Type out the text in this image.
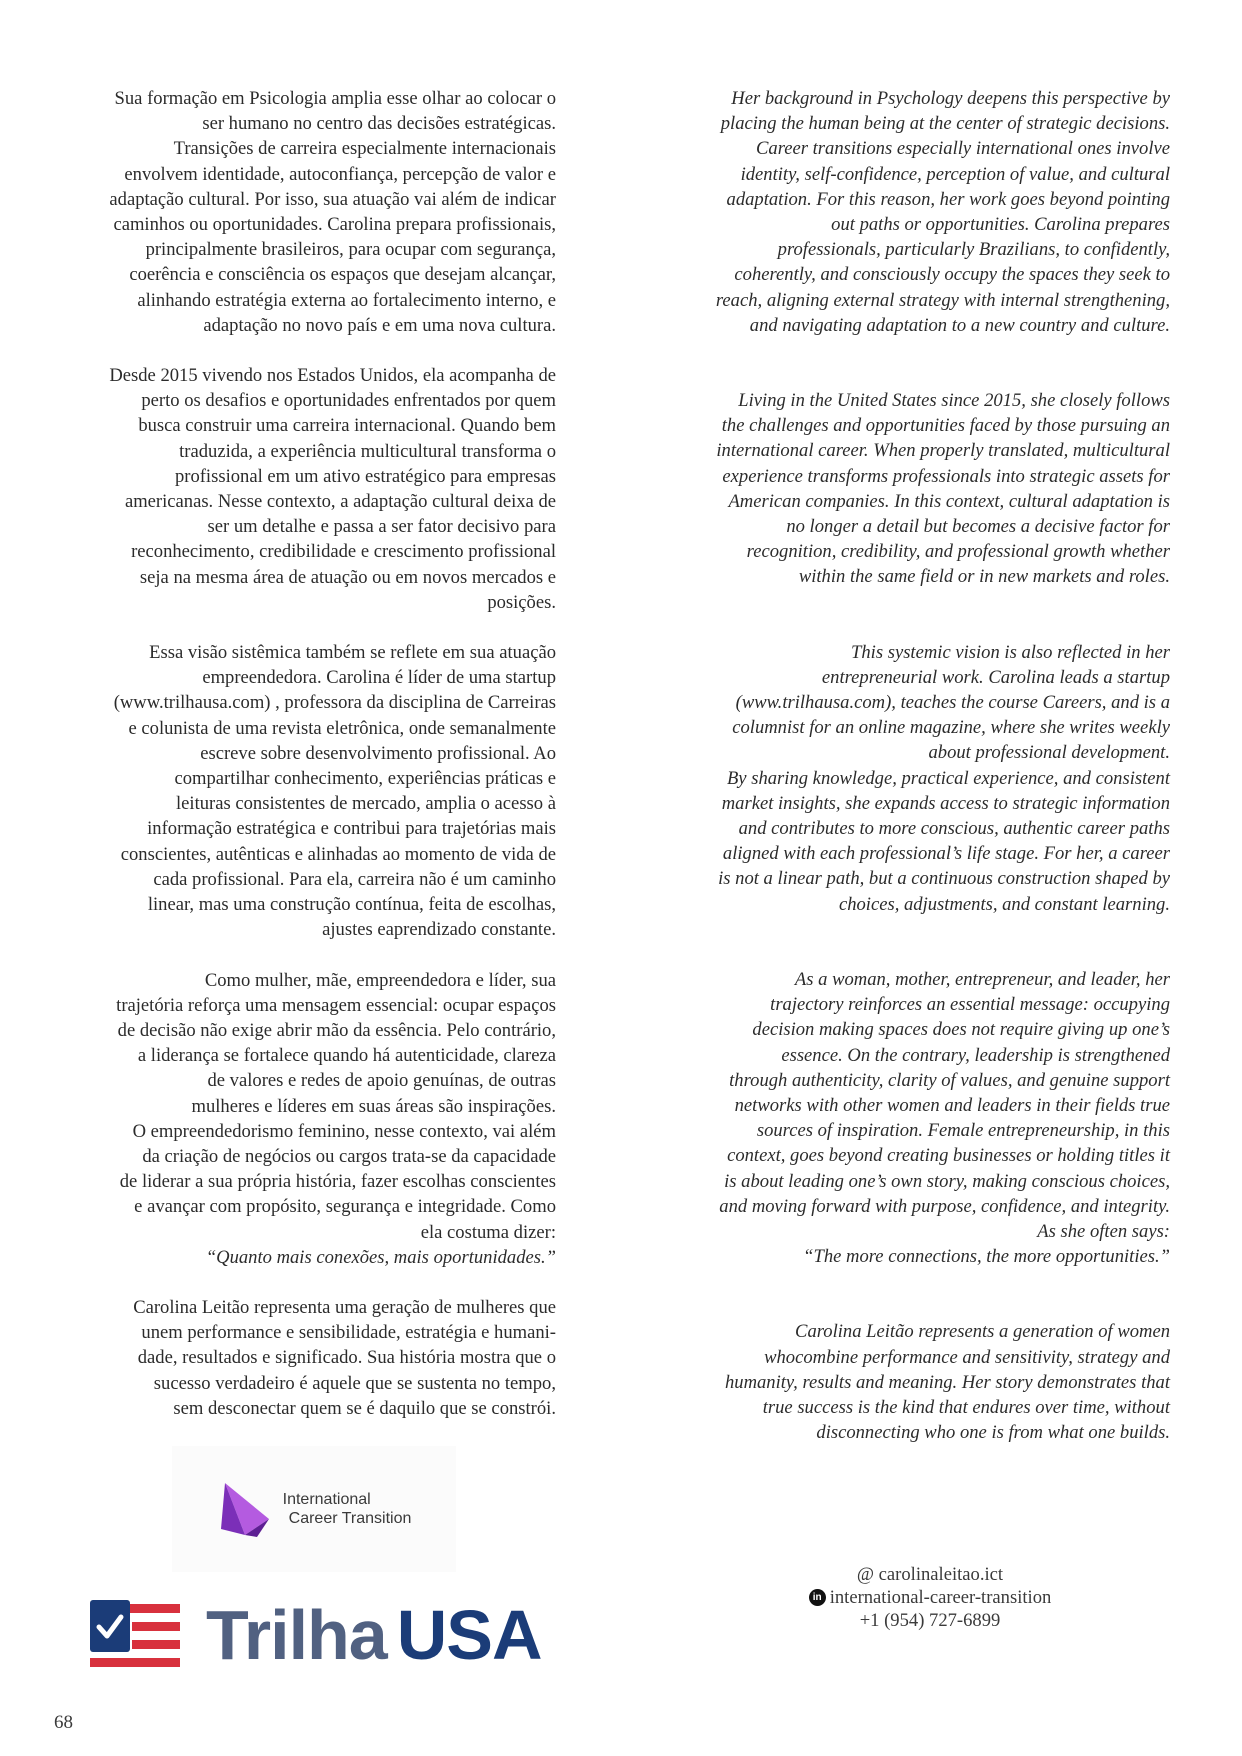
Sua formação em Psicologia amplia esse olhar ao colocar o
ser humano no centro das decisões estratégicas.
Transições de carreira especialmente internacionais
envolvem identidade, autoconfiança, percepção de valor e
adaptação cultural. Por isso, sua atuação vai além de indicar
caminhos ou oportunidades. Carolina prepara profissionais,
principalmente brasileiros, para ocupar com segurança,
coerência e consciência os espaços que desejam alcançar,
alinhando estratégia externa ao fortalecimento interno, e
adaptação no novo país e em uma nova cultura.

Desde 2015 vivendo nos Estados Unidos, ela acompanha de
perto os desafios e oportunidades enfrentados por quem
busca construir uma carreira internacional. Quando bem
traduzida, a experiência multicultural transforma o
profissional em um ativo estratégico para empresas
americanas. Nesse contexto, a adaptação cultural deixa de
ser um detalhe e passa a ser fator decisivo para
reconhecimento, credibilidade e crescimento profissional
seja na mesma área de atuação ou em novos mercados e
posições.

Essa visão sistêmica também se reflete em sua atuação
empreendedora. Carolina é líder de uma startup
(www.trilhausa.com) , professora da disciplina de Carreiras
e colunista de uma revista eletrônica, onde semanalmente
escreve sobre desenvolvimento profissional. Ao
compartilhar conhecimento, experiências práticas e
leituras consistentes de mercado, amplia o acesso à
informação estratégica e contribui para trajetórias mais
conscientes, autênticas e alinhadas ao momento de vida de
cada profissional. Para ela, carreira não é um caminho
linear, mas uma construção contínua, feita de escolhas,
ajustes eaprendizado constante.

Como mulher, mãe, empreendedora e líder, sua
trajetória reforça uma mensagem essencial: ocupar espaços
de decisão não exige abrir mão da essência. Pelo contrário,
a liderança se fortalece quando há autenticidade, clareza
de valores e redes de apoio genuínas, de outras
mulheres e líderes em suas áreas são inspirações.
O empreendedorismo feminino, nesse contexto, vai além
da criação de negócios ou cargos trata-se da capacidade
de liderar a sua própria história, fazer escolhas conscientes
e avançar com propósito, segurança e integridade. Como
ela costuma dizer:

“Quanto mais conexões, mais oportunidades.”

Carolina Leitão representa uma geração de mulheres que
unem performance e sensibilidade, estratégia e humani-
dade, resultados e significado. Sua história mostra que o
sucesso verdadeiro é aquele que se sustenta no tempo,
sem desconectar quem se é daquilo que se constrói.

Her background in Psychology deepens this perspective by
placing the human being at the center of strategic decisions.
Career transitions especially international ones involve
identity, self-confidence, perception of value, and cultural
adaptation. For this reason, her work goes beyond pointing
out paths or opportunities. Carolina prepares
professionals, particularly Brazilians, to confidently,
coherently, and consciously occupy the spaces they seek to
reach, aligning external strategy with internal strengthening,
and navigating adaptation to a new country and culture.

Living in the United States since 2015, she closely follows
the challenges and opportunities faced by those pursuing an
international career. When properly translated, multicultural
experience transforms professionals into strategic assets for
American companies. In this context, cultural adaptation is
no longer a detail but becomes a decisive factor for
recognition, credibility, and professional growth whether
within the same field or in new markets and roles.

This systemic vision is also reflected in her
entrepreneurial work. Carolina leads a startup
(www.trilhausa.com), teaches the course Careers, and is a
columnist for an online magazine, where she writes weekly
about professional development.
By sharing knowledge, practical experience, and consistent
market insights, she expands access to strategic information
and contributes to more conscious, authentic career paths
aligned with each professional’s life stage. For her, a career
is not a linear path, but a continuous construction shaped by
choices, adjustments, and constant learning.

As a woman, mother, entrepreneur, and leader, her
trajectory reinforces an essential message: occupying
decision making spaces does not require giving up one’s
essence. On the contrary, leadership is strengthened
through authenticity, clarity of values, and genuine support
networks with other women and leaders in their fields true
sources of inspiration. Female entrepreneurship, in this
context, goes beyond creating businesses or holding titles it
is about leading one’s own story, making conscious choices,
and moving forward with purpose, confidence, and integrity.
As she often says:

“The more connections, the more opportunities.”

Carolina Leitão represents a generation of women
whocombine performance and sensitivity, strategy and
humanity, results and meaning. Her story demonstrates that
true success is the kind that endures over time, without
disconnecting who one is from what one builds.

International
Career Transition
Trilha USA
@ carolinaleitao.ict
in international-career-transition
+1 (954) 727-6899
68
